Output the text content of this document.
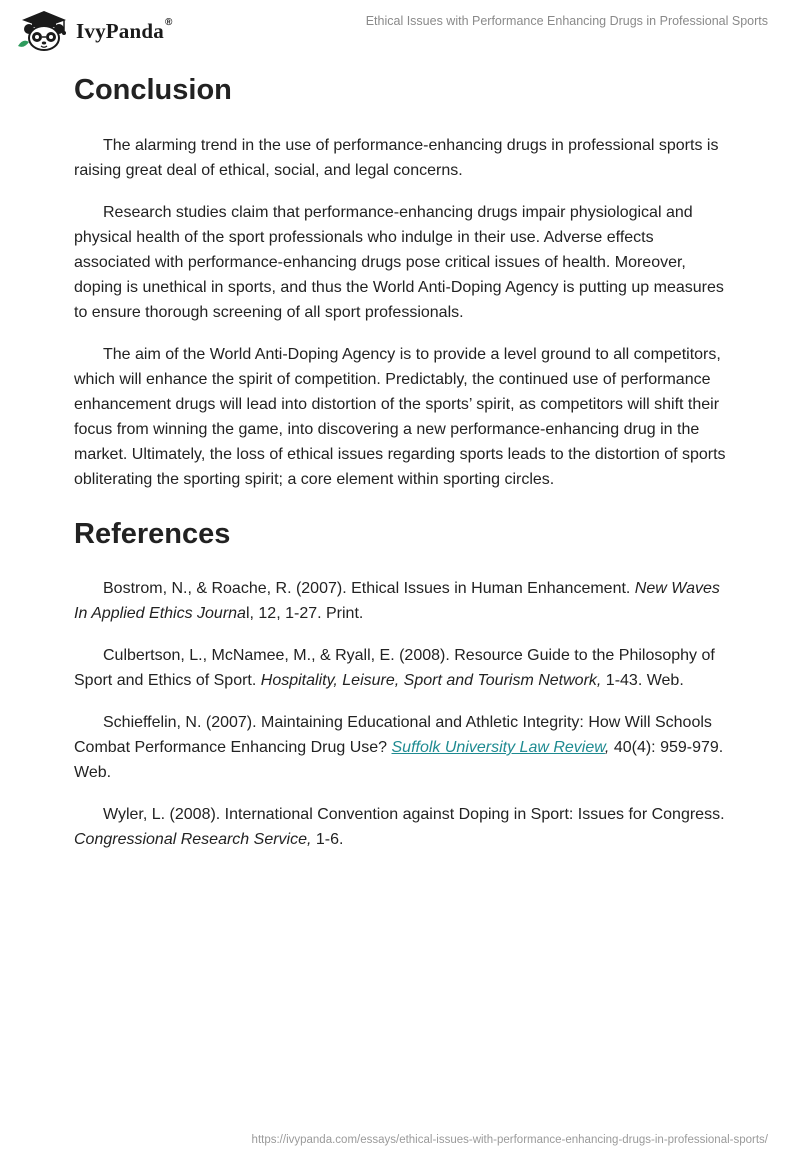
IvyPanda®	Ethical Issues with Performance Enhancing Drugs in Professional Sports
Conclusion

The alarming trend in the use of performance-enhancing drugs in professional sports is raising great deal of ethical, social, and legal concerns.

Research studies claim that performance-enhancing drugs impair physiological and physical health of the sport professionals who indulge in their use. Adverse effects associated with performance-enhancing drugs pose critical issues of health. Moreover, doping is unethical in sports, and thus the World Anti-Doping Agency is putting up measures to ensure thorough screening of all sport professionals.

The aim of the World Anti-Doping Agency is to provide a level ground to all competitors, which will enhance the spirit of competition. Predictably, the continued use of performance enhancement drugs will lead into distortion of the sports’ spirit, as competitors will shift their focus from winning the game, into discovering a new performance-enhancing drug in the market. Ultimately, the loss of ethical issues regarding sports leads to the distortion of sports obliterating the sporting spirit; a core element within sporting circles.

References

Bostrom, N., & Roache, R. (2007). Ethical Issues in Human Enhancement. New Waves In Applied Ethics Journal, 12, 1-27. Print.

Culbertson, L., McNamee, M., & Ryall, E. (2008). Resource Guide to the Philosophy of Sport and Ethics of Sport. Hospitality, Leisure, Sport and Tourism Network, 1-43. Web.

Schieffelin, N. (2007). Maintaining Educational and Athletic Integrity: How Will Schools Combat Performance Enhancing Drug Use? Suffolk University Law Review, 40(4): 959-979. Web.

Wyler, L. (2008). International Convention against Doping in Sport: Issues for Congress. Congressional Research Service, 1-6.

https://ivypanda.com/essays/ethical-issues-with-performance-enhancing-drugs-in-professional-sports/
